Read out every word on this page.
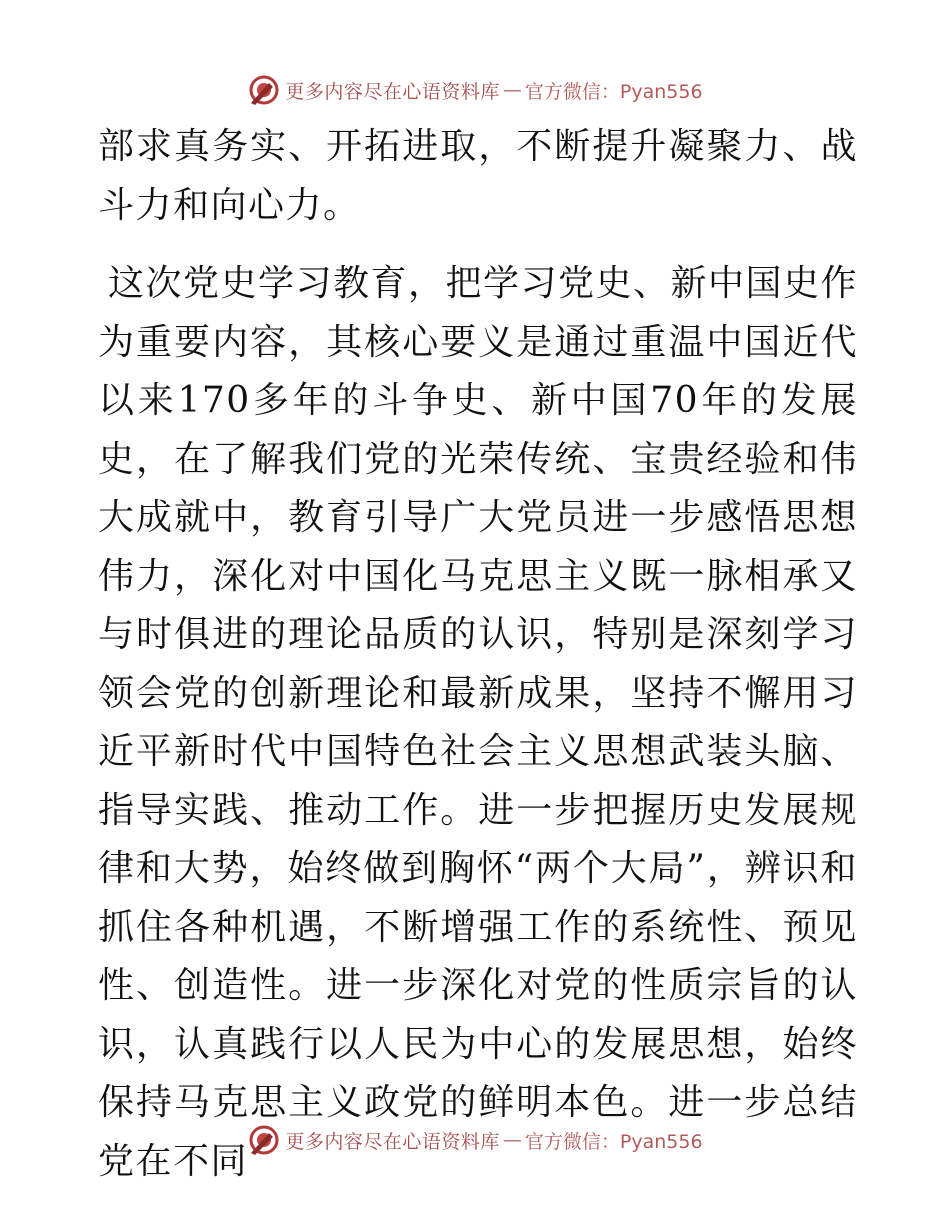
更多内容尽在心语资料库 — 官方微信：Pyan556

部求真务实、开拓进取，不断提升凝聚力、战斗力和向心力。

这次党史学习教育，把学习党史、新中国史作为重要内容，其核心要义是通过重温中国近代以来170多年的斗争史、新中国70年的发展史，在了解我们党的光荣传统、宝贵经验和伟大成就中，教育引导广大党员进一步感悟思想伟力，深化对中国化马克思主义既一脉相承又与时俱进的理论品质的认识，特别是深刻学习领会党的创新理论和最新成果，坚持不懈用习近平新时代中国特色社会主义思想武装头脑、指导实践、推动工作。进一步把握历史发展规律和大势，始终做到胸怀“两个大局”，辨识和抓住各种机遇，不断增强工作的系统性、预见性、创造性。进一步深化对党的性质宗旨的认识，认真践行以人民为中心的发展思想，始终保持马克思主义政党的鲜明本色。进一步总结党在不同	更多内容尽在心语资料库 — 官方微信：Pyan556
